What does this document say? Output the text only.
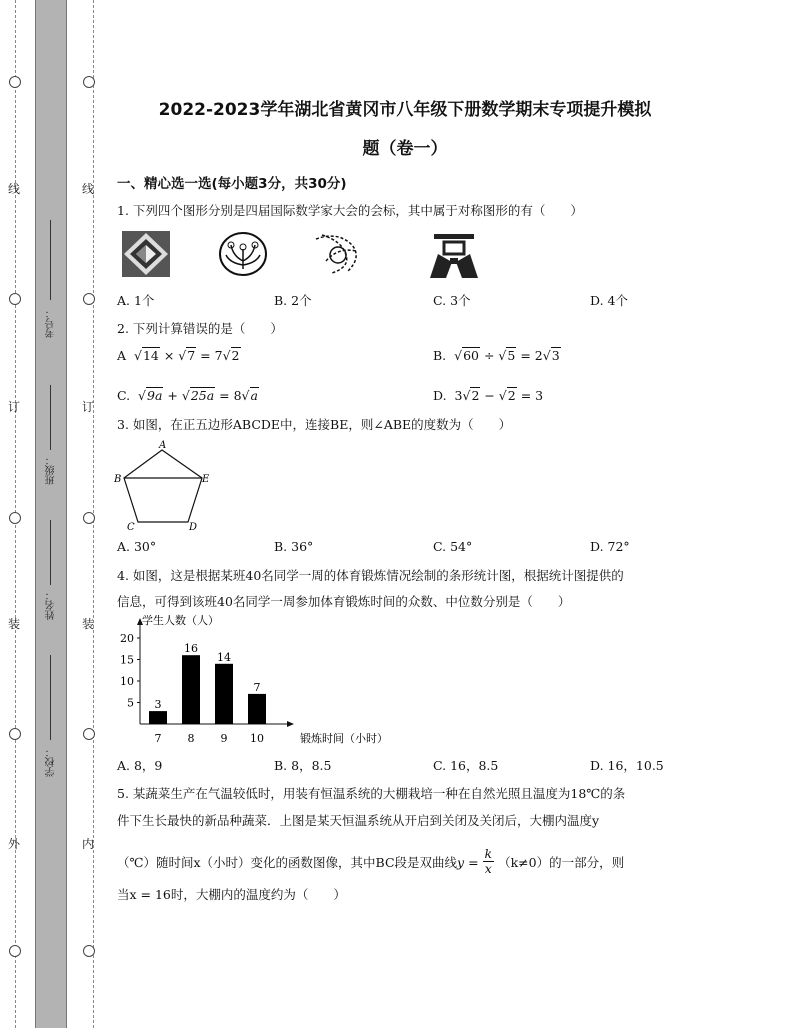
线
订
装
外
线
订
装
内
考号：
班级：
姓名：
学校：
2022-2023学年湖北省黄冈市八年级下册数学期末专项提升模拟
题（卷一）
一、精心选一选(每小题3分，共30分)
1. 下列四个图形分别是四届国际数学家大会的会标，其中属于对称图形的有（　　）
A. 1个	B. 2个	C. 3个	D. 4个
2. 下列计算错误的是（　　）
A  √14 × √7 = 7√2	B.  √60 ÷ √5 = 2√3
C.  √9a + √25a = 8√a	D. 3√2 − √2 = 3
3. 如图，在正五边形ABCDE中，连接BE，则∠ABE的度数为（　　）
A
B	E
C	D
A. 30°	B. 36°	C. 54°	D. 72°
4. 如图，这是根据某班40名同学一周的体育锻炼情况绘制的条形统计图，根据统计图提供的
信息，可得到该班40名同学一周参加体育锻炼时间的众数、中位数分别是（　　）
5
10
15
20
学生人数（人）
锻炼时间（小时）
3
7
16
8
14
9
7
10
A. 8，9	B. 8，8.5	C. 16，8.5	D. 16，10.5
5. 某蔬菜生产在气温较低时，用装有恒温系统的大棚栽培一种在自然光照且温度为18℃的条
件下生长最快的新品种蔬菜．上图是某天恒温系统从开启到关闭及关闭后，大棚内温度y
（℃）随时间x（小时）变化的函数图像，其中BC段是双曲线$y = \frac{k}{x} (k\ne 0)$的一部分，则
当x = 16时，大棚内的温度约为（　　）
